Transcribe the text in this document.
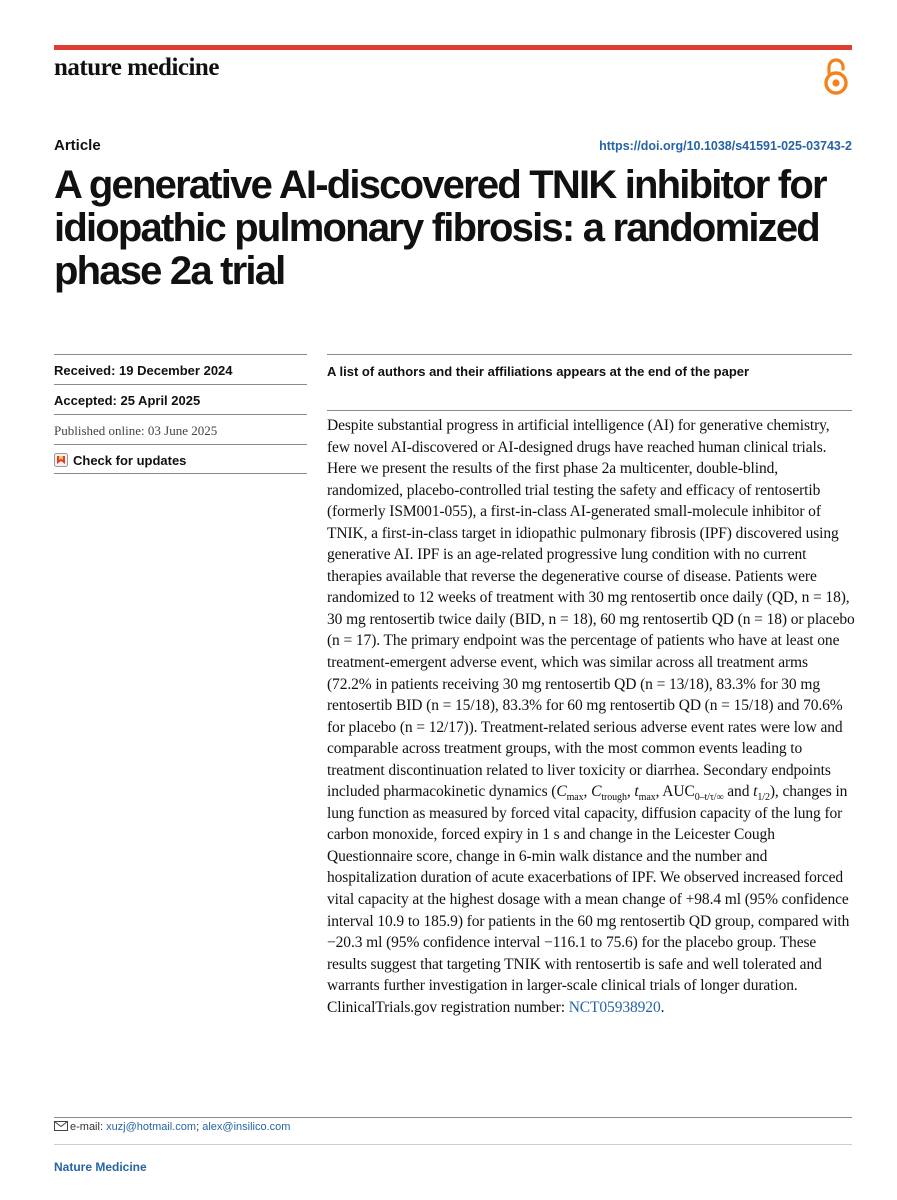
nature medicine
Article	https://doi.org/10.1038/s41591-025-03743-2
A generative AI-discovered TNIK inhibitor for idiopathic pulmonary fibrosis: a randomized phase 2a trial
Received: 19 December 2024
Accepted: 25 April 2025
Published online: 03 June 2025
Check for updates
A list of authors and their affiliations appears at the end of the paper

Despite substantial progress in artificial intelligence (AI) for generative chemistry, few novel AI-discovered or AI-designed drugs have reached human clinical trials. Here we present the results of the first phase 2a multicenter, double-blind, randomized, placebo-controlled trial testing the safety and efficacy of rentosertib (formerly ISM001-055), a first-in-class AI-generated small-molecule inhibitor of TNIK, a first-in-class target in idiopathic pulmonary fibrosis (IPF) discovered using generative AI. IPF is an age-related progressive lung condition with no current therapies available that reverse the degenerative course of disease. Patients were randomized to 12 weeks of treatment with 30 mg rentosertib once daily (QD, n = 18), 30 mg rentosertib twice daily (BID, n = 18), 60 mg rentosertib QD (n = 18) or placebo (n = 17). The primary endpoint was the percentage of patients who have at least one treatment-emergent adverse event, which was similar across all treatment arms (72.2% in patients receiving 30 mg rentosertib QD (n = 13/18), 83.3% for 30 mg rentosertib BID (n = 15/18), 83.3% for 60 mg rentosertib QD (n = 15/18) and 70.6% for placebo (n = 12/17)). Treatment-related serious adverse event rates were low and comparable across treatment groups, with the most common events leading to treatment discontinuation related to liver toxicity or diarrhea. Secondary endpoints included pharmacokinetic dynamics ($C_{max}$, $C_{trough}$, $t_{max}$, $AUC_{0-t/\tau/\infty}$ and $t_{1/2}$), changes in lung function as measured by forced vital capacity, diffusion capacity of the lung for carbon monoxide, forced expiry in 1 s and change in the Leicester Cough Questionnaire score, change in 6-min walk distance and the number and hospitalization duration of acute exacerbations of IPF. We observed increased forced vital capacity at the highest dosage with a mean change of +98.4 ml (95% confidence interval 10.9 to 185.9) for patients in the 60 mg rentosertib QD group, compared with −20.3 ml (95% confidence interval −116.1 to 75.6) for the placebo group. These results suggest that targeting TNIK with rentosertib is safe and well tolerated and warrants further investigation in larger-scale clinical trials of longer duration. ClinicalTrials.gov registration number: NCT05938920.

e-mail: xuzj@hotmail.com; alex@insilico.com
Nature Medicine
